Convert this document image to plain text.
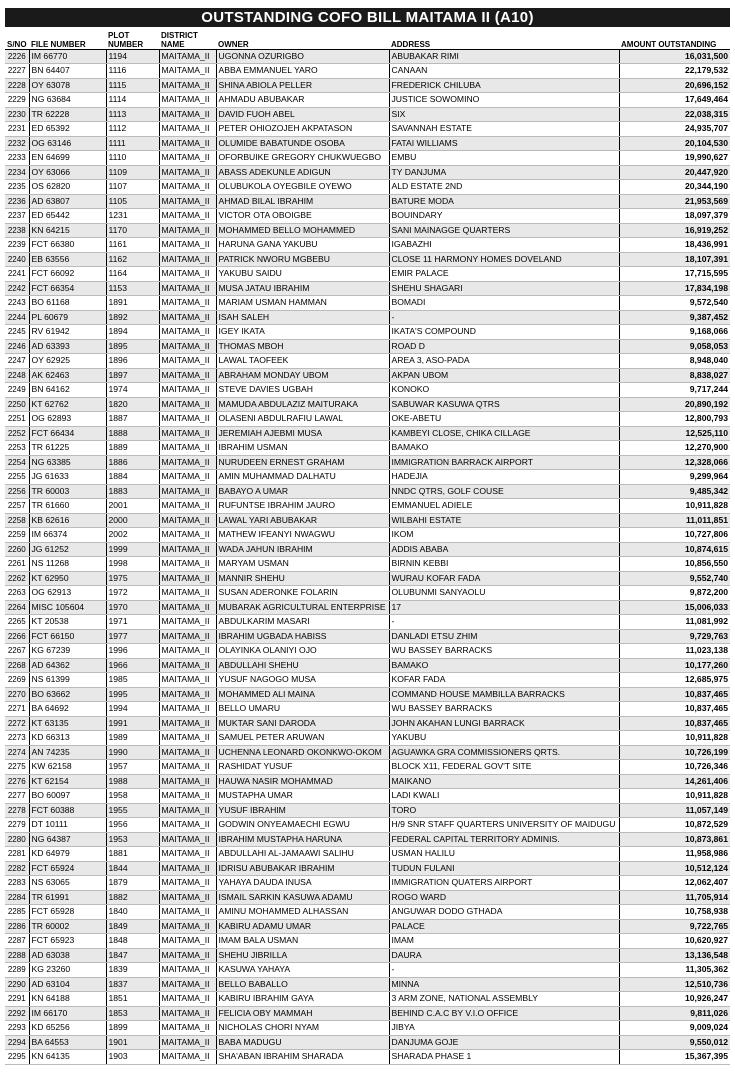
OUTSTANDING COFO BILL MAITAMA II (A10)
S/NO	FILE NUMBER	PLOT NUMBER	DISTRICT NAME	OWNER	ADDRESS	AMOUNT OUTSTANDING
2226	IM 66770	1194	MAITAMA_II	UGONNA OZURIGBO	ABUBAKAR RIMI	16,031,500
2227	BN 64407	1116	MAITAMA_II	ABBA EMMANUEL YARO	CANAAN	22,179,532
2228	OY 63078	1115	MAITAMA_II	SHINA ABIOLA PELLER	FREDERICK CHILUBA	20,696,152
2229	NG 63684	1114	MAITAMA_II	AHMADU ABUBAKAR	JUSTICE SOWOMINO	17,649,464
2230	TR 62228	1113	MAITAMA_II	DAVID FUOH ABEL	SIX	22,038,315
2231	ED 65392	1112	MAITAMA_II	PETER OHIOZOJEH AKPATASON	SAVANNAH ESTATE	24,935,707
2232	OG 63146	1111	MAITAMA_II	OLUMIDE BABATUNDE OSOBA	FATAI WILLIAMS	20,104,530
2233	EN 64699	1110	MAITAMA_II	OFORBUIKE GREGORY CHUKWUEGBO	EMBU	19,990,627
2234	OY 63066	1109	MAITAMA_II	ABASS ADEKUNLE ADIGUN	TY DANJUMA	20,447,920
2235	OS 62820	1107	MAITAMA_II	OLUBUKOLA OYEGBILE OYEWO	ALD ESTATE 2ND	20,344,190
2236	AD 63807	1105	MAITAMA_II	AHMAD BILAL IBRAHIM	BATURE MODA	21,953,569
2237	ED 65442	1231	MAITAMA_II	VICTOR OTA OBOIGBE	BOUINDARY	18,097,379
2238	KN 64215	1170	MAITAMA_II	MOHAMMED BELLO MOHAMMED	SANI MAINAGGE QUARTERS	16,919,252
2239	FCT 66380	1161	MAITAMA_II	HARUNA GANA YAKUBU	IGABAZHI	18,436,991
2240	EB 63556	1162	MAITAMA_II	PATRICK NWORU MGBEBU	CLOSE 11 HARMONY HOMES DOVELAND	18,107,391
2241	FCT 66092	1164	MAITAMA_II	YAKUBU SAIDU	EMIR PALACE	17,715,595
2242	FCT 66354	1153	MAITAMA_II	MUSA JATAU IBRAHIM	SHEHU SHAGARI	17,834,198
2243	BO 61168	1891	MAITAMA_II	MARIAM USMAN HAMMAN	BOMADI	9,572,540
2244	PL 60679	1892	MAITAMA_II	ISAH SALEH	-	9,387,452
2245	RV 61942	1894	MAITAMA_II	IGEY IKATA	IKATA'S COMPOUND	9,168,066
2246	AD 63393	1895	MAITAMA_II	THOMAS MBOH	ROAD D	9,058,053
2247	OY 62925	1896	MAITAMA_II	LAWAL TAOFEEK	AREA 3, ASO-PADA	8,948,040
2248	AK 62463	1897	MAITAMA_II	ABRAHAM MONDAY UBOM	AKPAN UBOM	8,838,027
2249	BN 64162	1974	MAITAMA_II	STEVE DAVIES UGBAH	KONOKO	9,717,244
2250	KT 62762	1820	MAITAMA_II	MAMUDA ABDULAZIZ MAITURAKA	SABUWAR KASUWA QTRS	20,890,192
2251	OG 62893	1887	MAITAMA_II	OLASENI ABDULRAFIU LAWAL	OKE-ABETU	12,800,793
2252	FCT 66434	1888	MAITAMA_II	JEREMIAH AJEBMI MUSA	KAMBEYI CLOSE, CHIKA CILLAGE	12,525,110
2253	TR 61225	1889	MAITAMA_II	IBRAHIM USMAN	BAMAKO	12,270,900
2254	NG 63385	1886	MAITAMA_II	NURUDEEN ERNEST GRAHAM	IMMIGRATION BARRACK AIRPORT	12,328,066
2255	JG 61633	1884	MAITAMA_II	AMIN MUHAMMAD DALHATU	HADEJIA	9,299,964
2256	TR 60003	1883	MAITAMA_II	BABAYO A UMAR	NNDC QTRS, GOLF COUSE	9,485,342
2257	TR 61660	2001	MAITAMA_II	RUFUNTSE IBRAHIM JAURO	EMMANUEL ADIELE	10,911,828
2258	KB 62616	2000	MAITAMA_II	LAWAL YARI ABUBAKAR	WILBAHI ESTATE	11,011,851
2259	IM 66374	2002	MAITAMA_II	MATHEW IFEANYI NWAGWU	IKOM	10,727,806
2260	JG 61252	1999	MAITAMA_II	WADA JAHUN IBRAHIM	ADDIS ABABA	10,874,615
2261	NS 11268	1998	MAITAMA_II	MARYAM USMAN	BIRNIN KEBBI	10,856,550
2262	KT 62950	1975	MAITAMA_II	MANNIR SHEHU	WURAU KOFAR FADA	9,552,740
2263	OG 62913	1972	MAITAMA_II	SUSAN ADERONKE FOLARIN	OLUBUNMI SANYAOLU	9,872,200
2264	MISC 105604	1970	MAITAMA_II	MUBARAK AGRICULTURAL ENTERPRISE	17	15,006,033
2265	KT 20538	1971	MAITAMA_II	ABDULKARIM MASARI	-	11,081,992
2266	FCT 66150	1977	MAITAMA_II	IBRAHIM UGBADA HABISS	DANLADI ETSU ZHIM	9,729,763
2267	KG 67239	1996	MAITAMA_II	OLAYINKA OLANIYI OJO	WU BASSEY BARRACKS	11,023,138
2268	AD 64362	1966	MAITAMA_II	ABDULLAHI SHEHU	BAMAKO	10,177,260
2269	NS 61399	1985	MAITAMA_II	YUSUF NAGOGO MUSA	KOFAR FADA	12,685,975
2270	BO 63662	1995	MAITAMA_II	MOHAMMED ALI MAINA	COMMAND HOUSE MAMBILLA BARRACKS	10,837,465
2271	BA 64692	1994	MAITAMA_II	BELLO UMARU	WU BASSEY BARRACKS	10,837,465
2272	KT 63135	1991	MAITAMA_II	MUKTAR SANI DARODA	JOHN AKAHAN LUNGI BARRACK	10,837,465
2273	KD 66313	1989	MAITAMA_II	SAMUEL PETER ARUWAN	YAKUBU	10,911,828
2274	AN 74235	1990	MAITAMA_II	UCHENNA LEONARD OKONKWO-OKOM	AGUAWKA GRA COMMISSIONERS QRTS.	10,726,199
2275	KW 62158	1957	MAITAMA_II	RASHIDAT YUSUF	BLOCK X11, FEDERAL GOV'T SITE	10,726,346
2276	KT 62154	1988	MAITAMA_II	HAUWA NASIR MOHAMMAD	MAIKANO	14,261,406
2277	BO 60097	1958	MAITAMA_II	MUSTAPHA UMAR	LADI KWALI	10,911,828
2278	FCT 60388	1955	MAITAMA_II	YUSUF IBRAHIM	TORO	11,057,149
2279	DT 10111	1956	MAITAMA_II	GODWIN ONYEAMAECHI EGWU	H/9 SNR STAFF QUARTERS UNIVERSITY OF MAIDUGU	10,872,529
2280	NG 64387	1953	MAITAMA_II	IBRAHIM MUSTAPHA HARUNA	FEDERAL CAPITAL TERRITORY ADMINIS.	10,873,861
2281	KD 64979	1881	MAITAMA_II	ABDULLAHI AL-JAMAAWI SALIHU	USMAN HALILU	11,958,986
2282	FCT 65924	1844	MAITAMA_II	IDRISU ABUBAKAR IBRAHIM	TUDUN FULANI	10,512,124
2283	NS 63065	1879	MAITAMA_II	YAHAYA DAUDA INUSA	IMMIGRATION QUATERS AIRPORT	12,062,407
2284	TR 61991	1882	MAITAMA_II	ISMAIL SARKIN KASUWA ADAMU	ROGO WARD	11,705,914
2285	FCT 65928	1840	MAITAMA_II	AMINU MOHAMMED ALHASSAN	ANGUWAR DODO GTHADA	10,758,938
2286	TR 60002	1849	MAITAMA_II	KABIRU ADAMU UMAR	PALACE	9,722,765
2287	FCT 65923	1848	MAITAMA_II	IMAM BALA USMAN	IMAM	10,620,927
2288	AD 63038	1847	MAITAMA_II	SHEHU JIBRILLA	DAURA	13,136,548
2289	KG 23260	1839	MAITAMA_II	KASUWA YAHAYA	-	11,305,362
2290	AD 63104	1837	MAITAMA_II	BELLO BABALLO	MINNA	12,510,736
2291	KN 64188	1851	MAITAMA_II	KABIRU IBRAHIM GAYA	3 ARM ZONE, NATIONAL ASSEMBLY	10,926,247
2292	IM 66170	1853	MAITAMA_II	FELICIA OBY MAMMAH	BEHIND C.A.C BY V.I.O OFFICE	9,811,026
2293	KD 65256	1899	MAITAMA_II	NICHOLAS CHORI NYAM	JIBYA	9,009,024
2294	BA 64553	1901	MAITAMA_II	BABA MADUGU	DANJUMA GOJE	9,550,012
2295	KN 64135	1903	MAITAMA_II	SHA'ABAN IBRAHIM SHARADA	SHARADA PHASE 1	15,367,395
